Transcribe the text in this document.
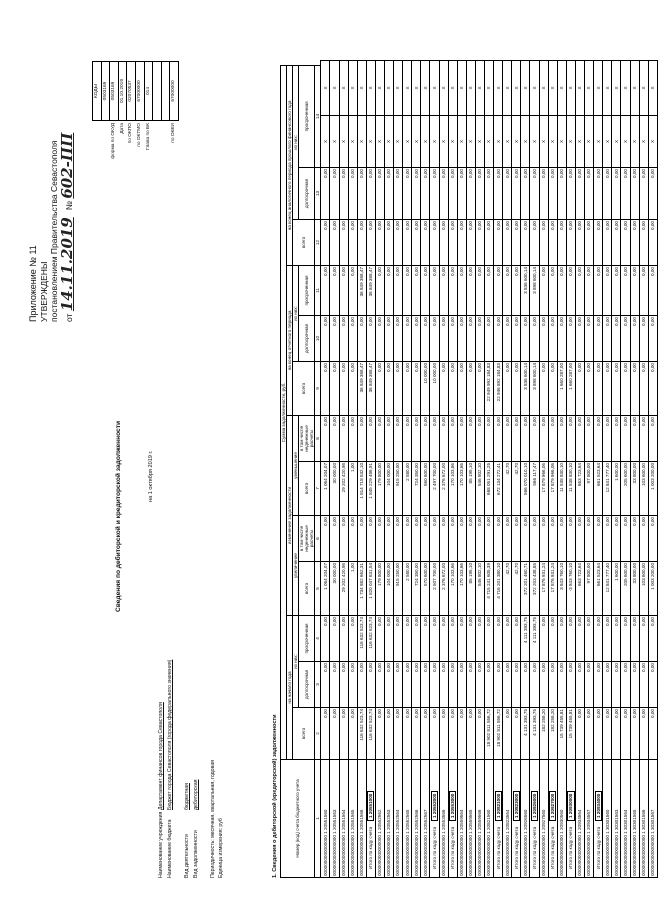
Приложение № 11 УТВЕРЖДЕНЫ постановлением Правительства Севастополя от 14.11.2019   № 602-ПП
	КОДЫ
	0503169
форма по ОКУД	0503169
Дата	01.10.2019
по ОКПО	02070537
по ОКТМО	67000000
Глава по БК	014

по ОКЕИ	67000000
Сведения по дебиторской и кредиторской задолженности	на 1 октября 2019 г.
Наименование учреждения
Департамент финансов города Севастополя
Наименование бюджета
Бюджет города Севастополя (города федерального значения)
Вид деятельности
бюджетная
Вид задолженности
дебиторская Периодичность: месячная, квартальная, годовая Единица измерения: руб	1. Сведения о дебиторской (кредиторской) задолженности	Номер (код) счета бюджетного учета	Сумма задолженности, руб.													
	на начало года			изменение задолженности				на конец отчетного периода			на конец аналогичного периода прошлого финансового года			
	всего	из них:		увеличение		уменьшение		всего	из них:		всего	из них:		
		долгосрочная	просроченная	всего	в том числе неденежные расчеты	всего	в том числе неденежные расчеты		долгосрочная	просроченная		долгосрочная	просроченная	
1	2	3	4	5	6	7	8	9	10	11	12	13	14	
0000000000000000 1 20551560	0,00	0,00	0,00	1 064 204,07	0,00	1 064 204,07	0,00	0,00	0,00	0,00	0,00	0,00	X	X
0000000000000000 1 20551563	0,00	0,00	0,00	30 000,00	0,00	30 000,00	0,00	0,00	0,00	0,00	0,00	0,00	X	X
0000000000000000 1 20551564	0,00	0,00	0,00	29 202 420,98	0,00	29 202 420,98	0,00	0,00	0,00	0,00	0,00	0,00	X	X
0000000000000000 1 20551565	0,00	0,00	0,00	1,00	0,00	1,00	0,00	0,00	0,00	0,00	0,00	0,00	X	X
0000000000000000 1 20551566	116 632 523,74	0,00	116 632 523,74	1 734 882 662,31	0,00	1 814 718 532,10	0,00	36 849 368,47	0,00	36 849 368,47	0,00	0,00	X	X
Итого по коду счета1 20551000	116 632 523,74	0,00	116 632 523,74	1 820 047 631,54	0,00	1 845 229 486,91	0,00	36 849 368,47	0,00	36 849 368,47	0,00	0,00	X	X
0000000000000000 1 20552562	0,00	0,00	0,00	179 800,00	0,00	179 800,00	0,00	0,00	0,00	0,00	0,00	0,00	X	X
0000000000000000 1 20552563	0,00	0,00	0,00	104 000,00	0,00	104 000,00	0,00	0,00	0,00	0,00	0,00	0,00	X	X
0000000000000000 1 20552564	0,00	0,00	0,00	915 250,00	0,00	915 250,00	0,00	0,00	0,00	0,00	0,00	0,00	X	X
0000000000000000 1 20552565	0,00	0,00	0,00	2 580,00	0,00	2 580,00	0,00	0,00	0,00	0,00	0,00	0,00	X	X
0000000000000000 1 20552566	0,00	0,00	0,00	724 350,00	0,00	724 350,00	0,00	0,00	0,00	0,00	0,00	0,00	X	X
0000000000000000 1 20552567	0,00	0,00	0,00	570 600,00	0,00	560 600,00	0,00	10 000,00	0,00	0,00	0,00	0,00	X	X
Итого по коду счета1 20552000	0,00	0,00	0,00	2 507 700,00	0,00	2 497 700,00	0,00	10 000,00	0,00	0,00	0,00	0,00	X	X
0000000000000000 1 20553566	0,00	0,00	0,00	2 376 672,00	0,00	2 376 672,00	0,00	0,00	0,00	0,00	0,00	0,00	X	X
Итого по коду счета1 20553000	0,00	0,00	0,00	170 103,66	0,00	170 103,66	0,00	0,00	0,00	0,00	0,00	0,00	X	X
0000000000000000 1 20559564	0,00	0,00	0,00	170 103,66	0,00	170 103,66	0,00	0,00	0,00	0,00	0,00	0,00	X	X
0000000000000000 1 20559565	0,00	0,00	0,00	85 195,10	0,00	85 195,10	0,00	0,00	0,00	0,00	0,00	0,00	X	X
0000000000000000 1 20559566	0,00	0,00	0,00	546 802,10	0,00	546 802,10	0,00	0,00	0,00	0,00	0,00	0,00	X	X
0000000000000000 1 20821560	18 902 811 556,72	0,00	0,00	4 715 241 605,39	0,00	668 051 291,25	0,00	22 949 992 184,83	0,00	0,00	0,00	0,00	X	X
Итого по коду счета1 20821000	18 902 811 556,72	0,00	0,00	4 716 201 380,10	0,00	672 134 272,41	0,00	22 946 892 184,83	0,00	0,00	0,00	0,00	X	X
0000000000000000 1 20823564	0,00	0,00	0,00	42,70	0,00	42,70	0,00	0,00	0,00	0,00	0,00	0,00	X	X
Итого по коду счета1 20823000	0,00	0,00	0,00	42,70	0,00	42,70	0,00	0,00	0,00	0,00	0,00	0,00	X	X
0000000000000000 1 20926560	4 131 393,75	0,00	4 111 393,75	372 201 460,71	0,00	566 070 010,10	0,00	3 836 600,14	0,00	3 836 600,14	0,00	0,00	X	X
Итого по коду счета1 20926000	4 131 393,75	0,00	4 111 393,75	372 203 438,85	0,00	566 117,47	0,00	3 898 600,14	0,00	3 898 600,14	0,00	0,00	X	X
0000000000000000 1 20927560	182 258,20	0,00	0,00	17 876 931,24	0,00	17 879 966,06	0,00	0,00	0,00	0,00	0,00	0,00	X	X
Итого по коду счета1 20927000	182 258,20	0,00	0,00	17 876 931,24	0,00	17 879 966,06	0,00	0,00	0,00	0,00	0,00	0,00	X	X
0000000000000000 1 20930560	15 739 455,81	0,00	0,00	3 843 760,10	0,00	11 538 830,10	0,00	1 660 287,00	0,00	0,00	0,00	0,00	X	X
Итого по коду счета1 20930000	15 739 455,81	0,00	0,00	-3 843 760,10	0,00	11 538 830,10	0,00	1 660 287,00	0,00	0,00	0,00	0,00	X	X
0000000000000000 1 20934564	0,00	0,00	0,00	663 723,64	0,00	663 723,64	0,00	0,00	0,00	0,00	0,00	0,00	X	X
0000000000000000 1 20934567	0,00	0,00	0,00	97 800,00	0,00	97 800,00	0,00	0,00	0,00	0,00	0,00	0,00	X	X
Итого по коду счета1 20934000	0,00	0,00	0,00	661 523,64	0,00	661 523,64	0,00	0,00	0,00	0,00	0,00	0,00	X	X
0000000000000000 1 30301560	0,00	0,00	0,00	12 841 777,40	0,00	12 841 777,40	0,00	0,00	0,00	0,00	0,00	0,00	X	X
0000000000000000 1 30301563	0,00	0,00	0,00	1 600,00	0,00	1 600,00	0,00	0,00	0,00	0,00	0,00	0,00	X	X
0000000000000000 1 30301564	0,00	0,00	0,00	205 600,00	0,00	205 600,00	0,00	0,00	0,00	0,00	0,00	0,00	X	X
0000000000000000 1 30301565	0,00	0,00	0,00	33 800,00	0,00	33 800,00	0,00	0,00	0,00	0,00	0,00	0,00	X	X
0000000000000000 1 30301566	0,00	0,00	0,00	103 600,00	0,00	103 600,00	0,00	0,00	0,00	0,00	0,00	0,00	X	X
0000000000000000 1 30301567	0,00	0,00	0,00	1 003 200,00	0,00	1 003 200,00	0,00	0,00	0,00	0,00	0,00	0,00	X	X
